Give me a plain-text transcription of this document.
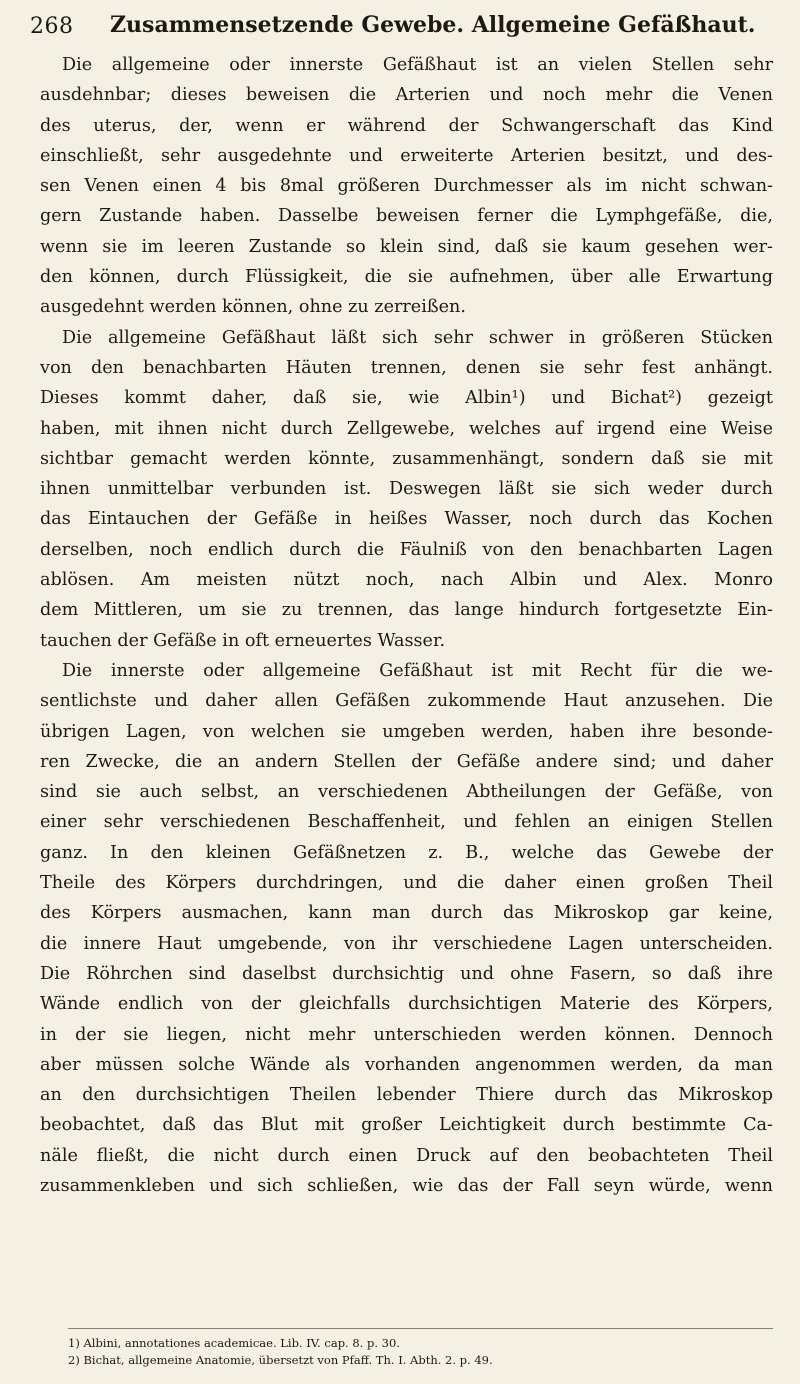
268 Zusammensetzende Gewebe. Allgemeine Gefäßhaut.
Die allgemeine oder innerste Gefäßhaut ist an vielen Stellen sehr
ausdehnbar; dieses beweisen die Arterien und noch mehr die Venen
des uterus, der, wenn er während der Schwangerschaft das Kind
einschließt, sehr ausgedehnte und erweiterte Arterien besitzt, und des-
sen Venen einen 4 bis 8mal größeren Durchmesser als im nicht schwan-
gern Zustande haben. Dasselbe beweisen ferner die Lymphgefäße, die,
wenn sie im leeren Zustande so klein sind, daß sie kaum gesehen wer-
den können, durch Flüssigkeit, die sie aufnehmen, über alle Erwartung
ausgedehnt werden können, ohne zu zerreißen.
Die allgemeine Gefäßhaut läßt sich sehr schwer in größeren Stücken
von den benachbarten Häuten trennen, denen sie sehr fest anhängt.
Dieses kommt daher, daß sie, wie Albin¹) und Bichat²) gezeigt
haben, mit ihnen nicht durch Zellgewebe, welches auf irgend eine Weise
sichtbar gemacht werden könnte, zusammenhängt, sondern daß sie mit
ihnen unmittelbar verbunden ist. Deswegen läßt sie sich weder durch
das Eintauchen der Gefäße in heißes Wasser, noch durch das Kochen
derselben, noch endlich durch die Fäulniß von den benachbarten Lagen
ablösen. Am meisten nützt noch, nach Albin und Alex. Monro
dem Mittleren, um sie zu trennen, das lange hindurch fortgesetzte Ein-
tauchen der Gefäße in oft erneuertes Wasser.
Die innerste oder allgemeine Gefäßhaut ist mit Recht für die we-
sentlichste und daher allen Gefäßen zukommende Haut anzusehen. Die
übrigen Lagen, von welchen sie umgeben werden, haben ihre besonde-
ren Zwecke, die an andern Stellen der Gefäße andere sind; und daher
sind sie auch selbst, an verschiedenen Abtheilungen der Gefäße, von
einer sehr verschiedenen Beschaffenheit, und fehlen an einigen Stellen
ganz. In den kleinen Gefäßnetzen z. B., welche das Gewebe der
Theile des Körpers durchdringen, und die daher einen großen Theil
des Körpers ausmachen, kann man durch das Mikroskop gar keine,
die innere Haut umgebende, von ihr verschiedene Lagen unterscheiden.
Die Röhrchen sind daselbst durchsichtig und ohne Fasern, so daß ihre
Wände endlich von der gleichfalls durchsichtigen Materie des Körpers,
in der sie liegen, nicht mehr unterschieden werden können. Dennoch
aber müssen solche Wände als vorhanden angenommen werden, da man
an den durchsichtigen Theilen lebender Thiere durch das Mikroskop
beobachtet, daß das Blut mit großer Leichtigkeit durch bestimmte Ca-
näle fließt, die nicht durch einen Druck auf den beobachteten Theil
zusammenkleben und sich schließen, wie das der Fall seyn würde, wenn
1) Albini, annotationes academicae. Lib. IV. cap. 8. p. 30.
2) Bichat, allgemeine Anatomie, übersetzt von Pfaff. Th. I. Abth. 2. p. 49.
